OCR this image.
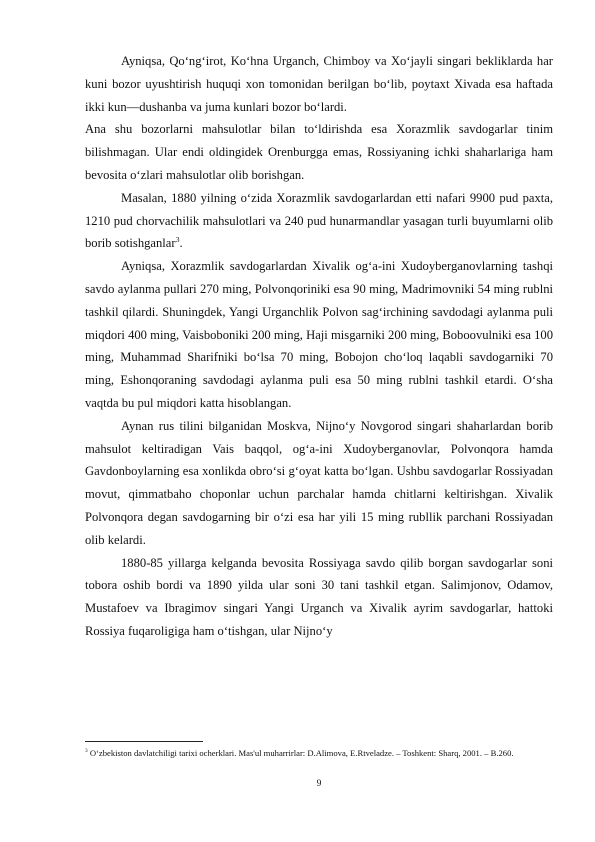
Ayniqsa, Qo‘ng‘irot, Ko‘hna Urganch, Chimboy va Xo‘jayli singari bekliklarda har kuni bozor uyushtirish huquqi xon tomonidan berilgan bo‘lib, poytaxt Xivada esa haftada ikki kun—dushanba va juma kunlari bozor bo‘lardi.

Ana shu bozorlarni mahsulotlar bilan to‘ldirishda esa Xorazmlik savdogarlar tinim bilishmagan. Ular endi oldingidek Orenburgga emas, Rossiyaning ichki shaharlariga ham bevosita o‘zlari mahsulotlar olib borishgan.

Masalan, 1880 yilning o‘zida Xorazmlik savdogarlardan etti nafari 9900 pud paxta, 1210 pud chorvachilik mahsulotlari va 240 pud hunarmandlar yasagan turli buyumlarni olib borib sotishganlar$^3$.

Ayniqsa, Xorazmlik savdogarlardan Xivalik og‘a-ini Xudoyberganovlarning tashqi savdo aylanma pullari 270 ming, Polvonqoriniki esa 90 ming, Madrimovniki 54 ming rublni tashkil qilardi. Shuningdek, Yangi Urganchlik Polvon sag‘irchining savdodagi aylanma puli miqdori 400 ming, Vaisboboniki 200 ming, Haji misgarniki 200 ming, Boboovulniki esa 100 ming, Muhammad Sharifniki bo‘lsa 70 ming, Bobojon cho‘loq laqabli savdogarniki 70 ming, Eshonqoraning savdodagi aylanma puli esa 50 ming rublni tashkil etardi. O‘sha vaqtda bu pul miqdori katta hisoblangan.

Aynan rus tilini bilganidan Moskva, Nijno‘y Novgorod singari shaharlardan borib mahsulot keltiradigan Vais baqqol, og‘a-ini Xudoyberganovlar, Polvonqora hamda Gavdonboylarning esa xonlikda obro‘si g‘oyat katta bo‘lgan. Ushbu savdogarlar Rossiyadan movut, qimmatbaho choponlar uchun parchalar hamda chitlarni keltirishgan. Xivalik Polvonqora degan savdogarning bir o‘zi esa har yili 15 ming rubllik parchani Rossiyadan olib kelardi.

1880-85 yillarga kelganda bevosita Rossiyaga savdo qilib borgan savdogarlar soni tobora oshib bordi va 1890 yilda ular soni 30 tani tashkil etgan. Salimjonov, Odamov, Mustafoev va Ibragimov singari Yangi Urganch va Xivalik ayrim savdogarlar, hattoki Rossiya fuqaroligiga ham o‘tishgan, ular Nijno‘y

$^3$ O‘zbekiston davlatchiligi tarixi ocherklari. Mas'ul muharrirlar: D.Alimova, E.Rtveladze. – Toshkent: Sharq, 2001. – B.260.

9
